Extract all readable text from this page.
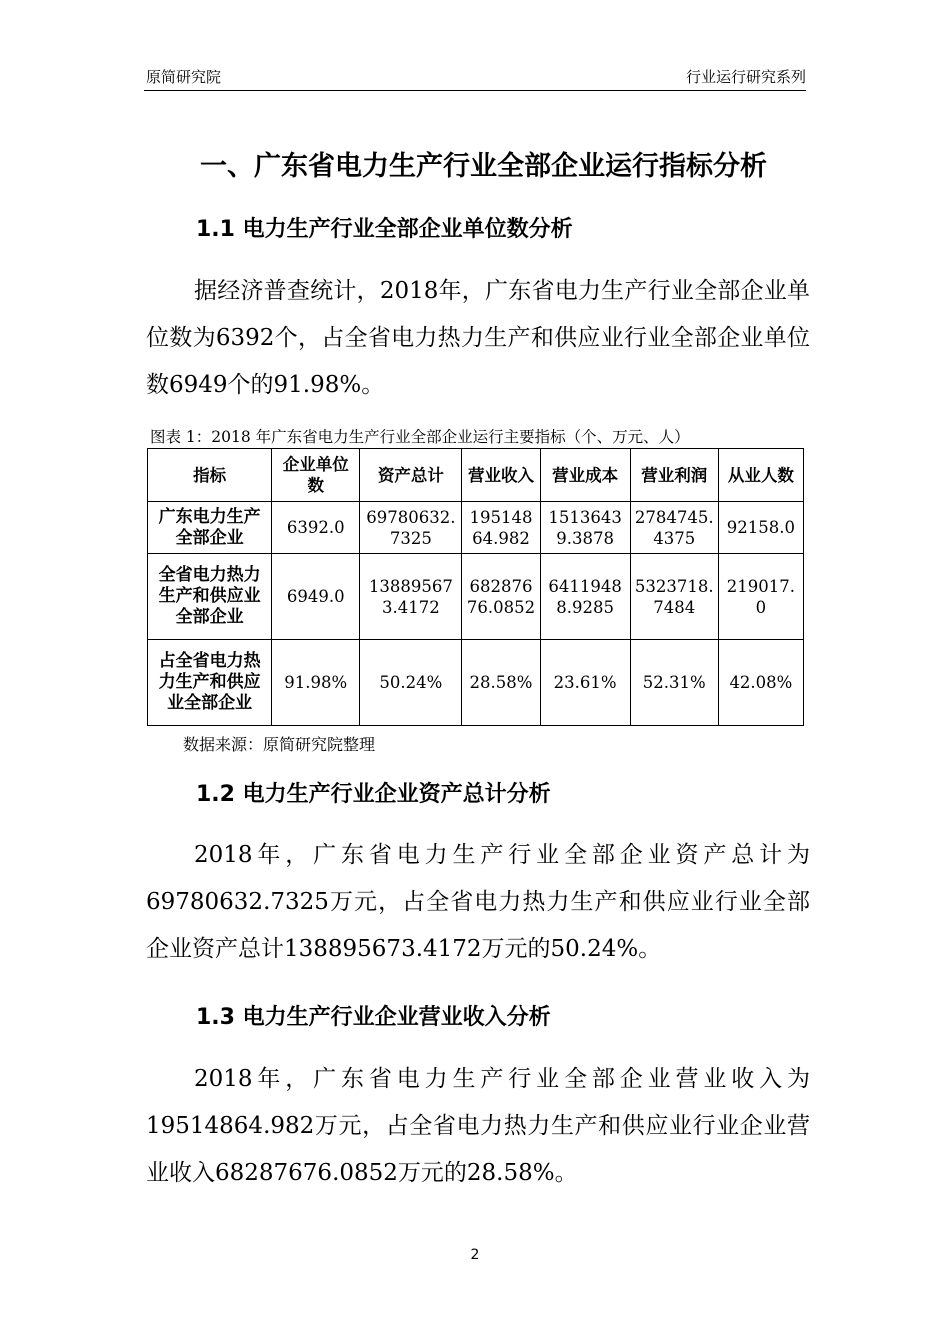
原简研究院	行业运行研究系列
一、广东省电力生产行业全部企业运行指标分析
1.1 电力生产行业全部企业单位数分析
据经济普查统计，2018年，广东省电力生产行业全部企业单位数为6392个，占全省电力热力生产和供应业行业全部企业单位数6949个的91.98%。
图表 1：2018 年广东省电力生产行业全部企业运行主要指标（个、万元、人）
指标	企业单位数	资产总计	营业收入	营业成本	营业利润	从业人数
广东电力生产全部企业	6392.0	69780632.7325	19514864.982	15136439.3878	2784745.4375	92158.0
全省电力热力生产和供应业全部企业	6949.0	138895673.4172	68287676.0852	64119488.9285	5323718.7484	219017.0
占全省电力热力生产和供应业全部企业	91.98%	50.24%	28.58%	23.61%	52.31%	42.08%
数据来源：原简研究院整理
1.2 电力生产行业企业资产总计分析
2018年，广东省电力生产行业全部企业资产总计为69780632.7325万元，占全省电力热力生产和供应业行业全部企业资产总计138895673.4172万元的50.24%。
1.3 电力生产行业企业营业收入分析
2018年，广东省电力生产行业全部企业营业收入为19514864.982万元，占全省电力热力生产和供应业行业企业营业收入68287676.0852万元的28.58%。
2
